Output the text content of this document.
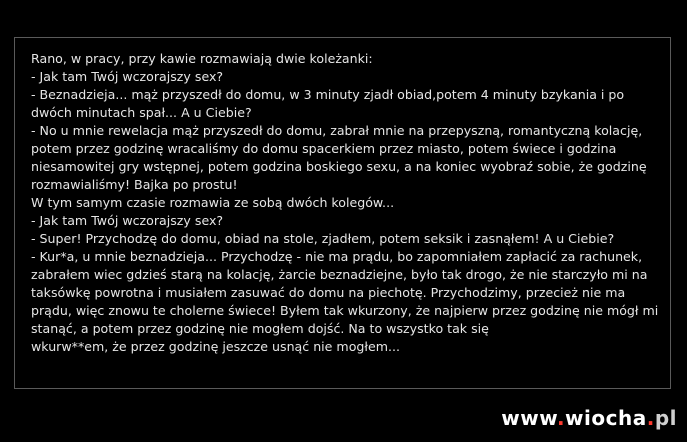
Rano, w pracy, przy kawie rozmawiają dwie koleżanki:
- Jak tam Twój wczorajszy sex?
- Beznadzieja... mąż przyszedł do domu, w 3 minuty zjadł obiad,potem 4 minuty bzykania i po
dwóch minutach spał... A u Ciebie?
- No u mnie rewelacja mąż przyszedł do domu, zabrał mnie na przepyszną, romantyczną kolację,
potem przez godzinę wracaliśmy do domu spacerkiem przez miasto, potem świece i godzina
niesamowitej gry wstępnej, potem godzina boskiego sexu, a na koniec wyobraź sobie, że godzinę
rozmawialiśmy! Bajka po prostu!
W tym samym czasie rozmawia ze sobą dwóch kolegów...
- Jak tam Twój wczorajszy sex?
- Super! Przychodzę do domu, obiad na stole, zjadłem, potem seksik i zasnąłem! A u Ciebie?
- Kur*a, u mnie beznadzieja... Przychodzę - nie ma prądu, bo zapomniałem zapłacić za rachunek,
zabrałem wiec gdzieś starą na kolację, żarcie beznadziejne, było tak drogo, że nie starczyło mi na
taksówkę powrotna i musiałem zasuwać do domu na piechotę. Przychodzimy, przecież nie ma
prądu, więc znowu te cholerne świece! Byłem tak wkurzony, że najpierw przez godzinę nie mógł mi
stanąć, a potem przez godzinę nie mogłem dojść. Na to wszystko tak się
wkurw**em, że przez godzinę jeszcze usnąć nie mogłem...
www.wiocha.pl
